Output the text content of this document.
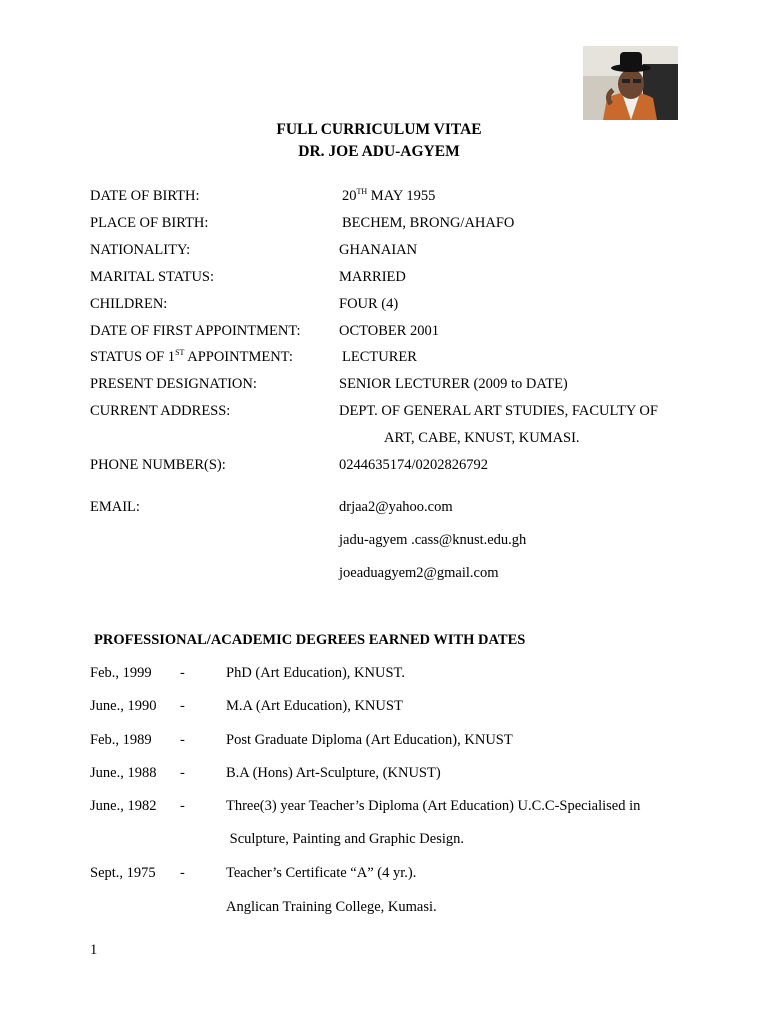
FULL CURRICULUM VITAE
DR. JOE ADU-AGYEM
DATE OF BIRTH:	20TH MAY 1955
PLACE OF BIRTH:	BECHEM, BRONG/AHAFO
NATIONALITY:	GHANAIAN
MARITAL STATUS:	MARRIED
CHILDREN:	FOUR (4)
DATE OF FIRST APPOINTMENT:	OCTOBER 2001
STATUS OF 1ST APPOINTMENT:	LECTURER
PRESENT DESIGNATION:	SENIOR LECTURER (2009 to DATE)
CURRENT ADDRESS:	DEPT. OF GENERAL ART STUDIES, FACULTY OF
ART, CABE, KNUST, KUMASI.
PHONE NUMBER(S):	0244635174/0202826792
EMAIL:	drjaa2@yahoo.com
jadu-agyem .cass@knust.edu.gh
joeaduagyem2@gmail.com
PROFESSIONAL/ACADEMIC DEGREES EARNED WITH DATES
Feb., 1999 -	PhD (Art Education), KNUST.
June., 1990 -	M.A (Art Education), KNUST
Feb., 1989 -	Post Graduate Diploma (Art Education), KNUST
June., 1988 -	B.A (Hons) Art-Sculpture, (KNUST)
June., 1982 -	Three(3) year Teacher’s Diploma (Art Education) U.C.C-Specialised in
Sculpture, Painting and Graphic Design.
Sept., 1975 -	Teacher’s Certificate “A” (4 yr.).
Anglican Training College, Kumasi.
1
